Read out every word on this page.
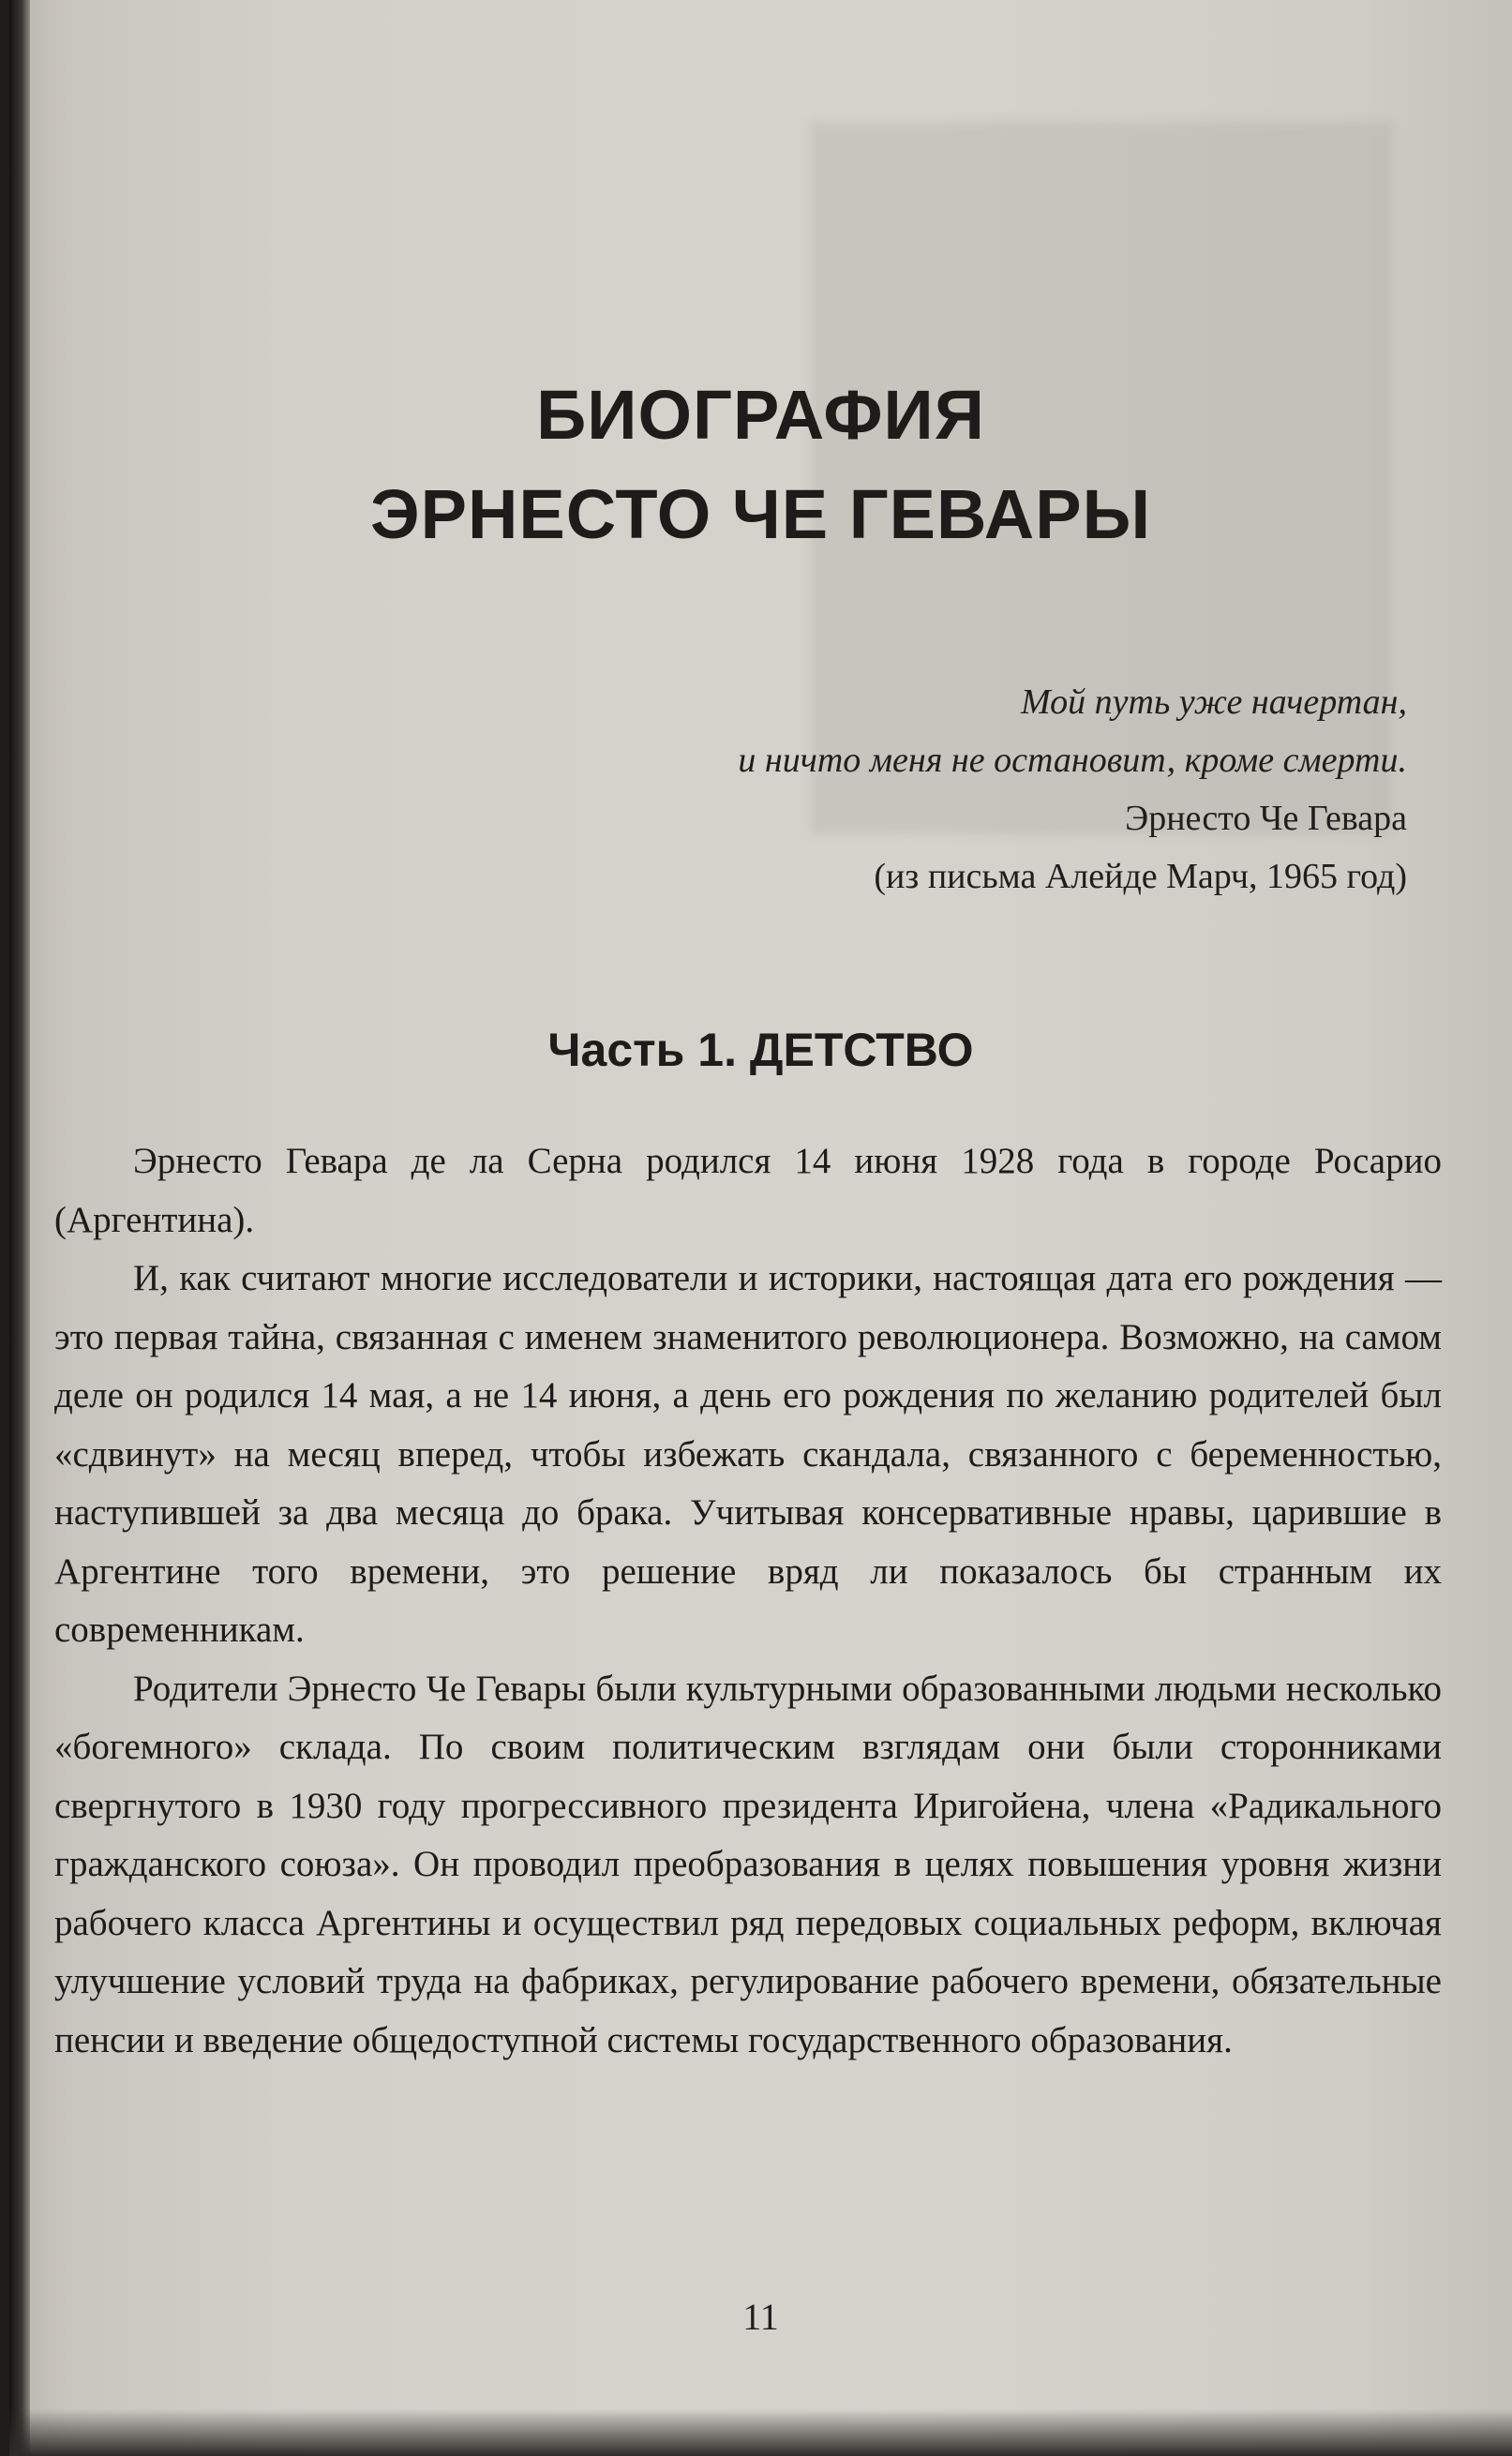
БИОГРАФИЯ
ЭРНЕСТО ЧЕ ГЕВАРЫ
Мой путь уже начертан,
и ничто меня не остановит, кроме смерти.
Эрнесто Че Гевара
(из письма Алейде Марч, 1965 год)
Часть 1. ДЕТСТВО

Эрнесто Гевара де ла Серна родился 14 июня 1928 года в городе Росарио (Аргентина).

И, как считают многие исследователи и историки, настоящая дата его рождения — это первая тайна, связанная с именем знаменитого революционера. Возможно, на самом деле он родился 14 мая, а не 14 июня, а день его рождения по желанию родителей был «сдвинут» на месяц вперед, чтобы избежать скандала, связанного с беременностью, наступившей за два месяца до брака. Учитывая консервативные нравы, царившие в Аргентине того времени, это решение вряд ли показалось бы странным их современникам.

Родители Эрнесто Че Гевары были культурными образованными людьми несколько «богемного» склада. По своим политическим взглядам они были сторонниками свергнутого в 1930 году прогрессивного президента Иригойена, члена «Радикального гражданского союза». Он проводил преобразования в целях повышения уровня жизни рабочего класса Аргентины и осуществил ряд передовых социальных реформ, включая улучшение условий труда на фабриках, регулирование рабочего времени, обязательные пенсии и введение общедоступной системы государственного образования.

11
